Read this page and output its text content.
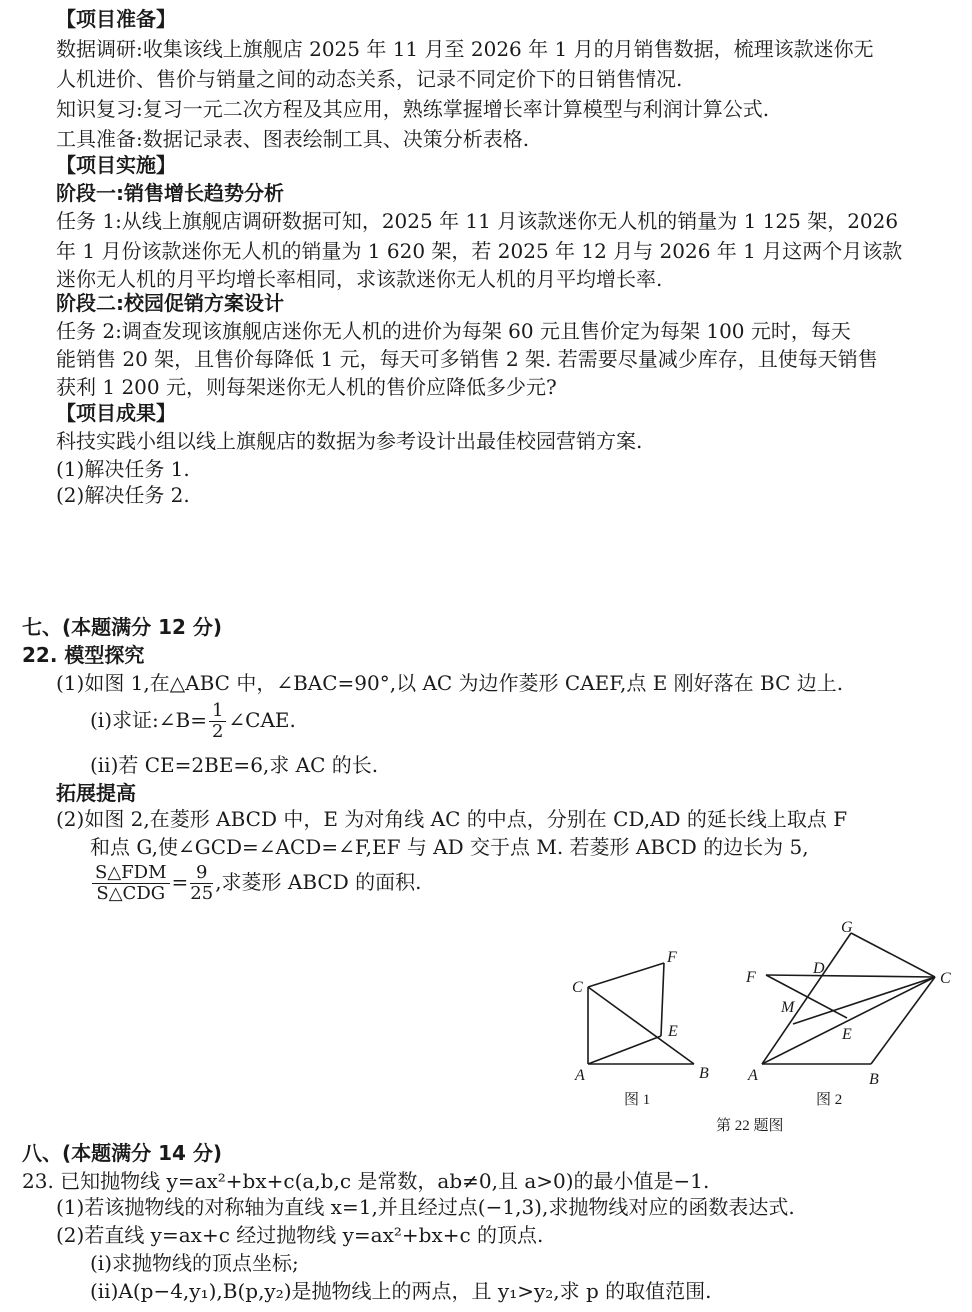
【项目准备】
数据调研:收集该线上旗舰店 2025 年 11 月至 2026 年 1 月的月销售数据，梳理该款迷你无
人机进价、售价与销量之间的动态关系，记录不同定价下的日销售情况.
知识复习:复习一元二次方程及其应用，熟练掌握增长率计算模型与利润计算公式.
工具准备:数据记录表、图表绘制工具、决策分析表格.
【项目实施】
阶段一:销售增长趋势分析
任务 1:从线上旗舰店调研数据可知，2025 年 11 月该款迷你无人机的销量为 1 125 架，2026
年 1 月份该款迷你无人机的销量为 1 620 架，若 2025 年 12 月与 2026 年 1 月这两个月该款
迷你无人机的月平均增长率相同，求该款迷你无人机的月平均增长率.
阶段二:校园促销方案设计
任务 2:调查发现该旗舰店迷你无人机的进价为每架 60 元且售价定为每架 100 元时，每天
能销售 20 架，且售价每降低 1 元，每天可多销售 2 架. 若需要尽量减少库存，且使每天销售
获利 1 200 元，则每架迷你无人机的售价应降低多少元?
【项目成果】
科技实践小组以线上旗舰店的数据为参考设计出最佳校园营销方案.
(1)解决任务 1.
(2)解决任务 2.
七、(本题满分 12 分)
22. 模型探究
(1)如图 1,在△ABC 中，∠BAC=90°,以 AC 为边作菱形 CAEF,点 E 刚好落在 BC 边上.
(ⅰ)求证:∠B= $\frac{1}{2}$ ∠CAE.
(ⅱ)若 CE=2BE=6,求 AC 的长.
拓展提高
(2)如图 2,在菱形 ABCD 中，E 为对角线 AC 的中点，分别在 CD,AD 的延长线上取点 F
和点 G,使∠GCD=∠ACD=∠F,EF 与 AD 交于点 M. 若菱形 ABCD 的边长为 5,
$\frac{\text{S△FDM}}{\text{S△CDG}} = \frac{9}{25}$ ,求菱形 ABCD 的面积.
C
F
E
A	B
图 1
G
D
C
F
M
E
A	B
图 2
第 22 题图
八、(本题满分 14 分)
23. 已知抛物线 y=ax²+bx+c(a,b,c 是常数，ab≠0,且 a>0)的最小值是−1.
(1)若该抛物线的对称轴为直线 x=1,并且经过点(−1,3),求抛物线对应的函数表达式.
(2)若直线 y=ax+c 经过抛物线 y=ax²+bx+c 的顶点.
(ⅰ)求抛物线的顶点坐标;
(ⅱ)A(p−4,y₁),B(p,y₂)是抛物线上的两点，且 y₁>y₂,求 p 的取值范围.
